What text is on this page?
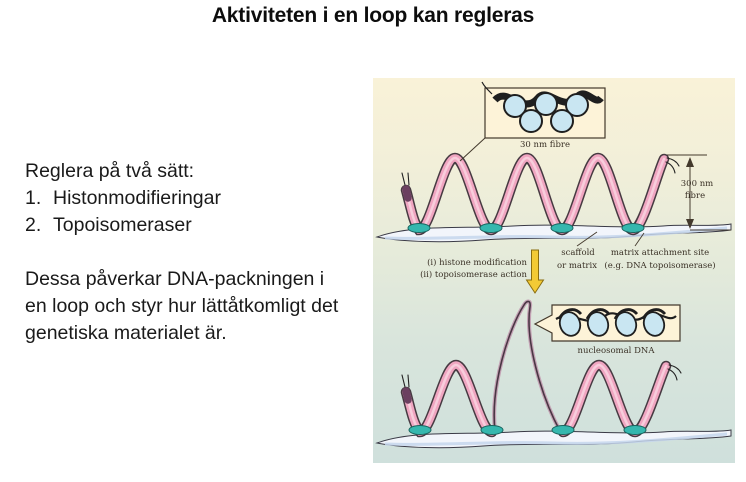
Aktiviteten i en loop kan regleras
Reglera på två sätt:
1. Histonmodifieringar
2. Topoisomeraser

Dessa påverkar DNA-packningen i en loop och styr hur lättåtkomligt det genetiska materialet är.

300 nm
fibre
30 nm fibre
scaffold
or matrix
matrix attachment site
(e.g. DNA topoisomerase)
(i) histone modification
(ii) topoisomerase action
nucleosomal DNA
